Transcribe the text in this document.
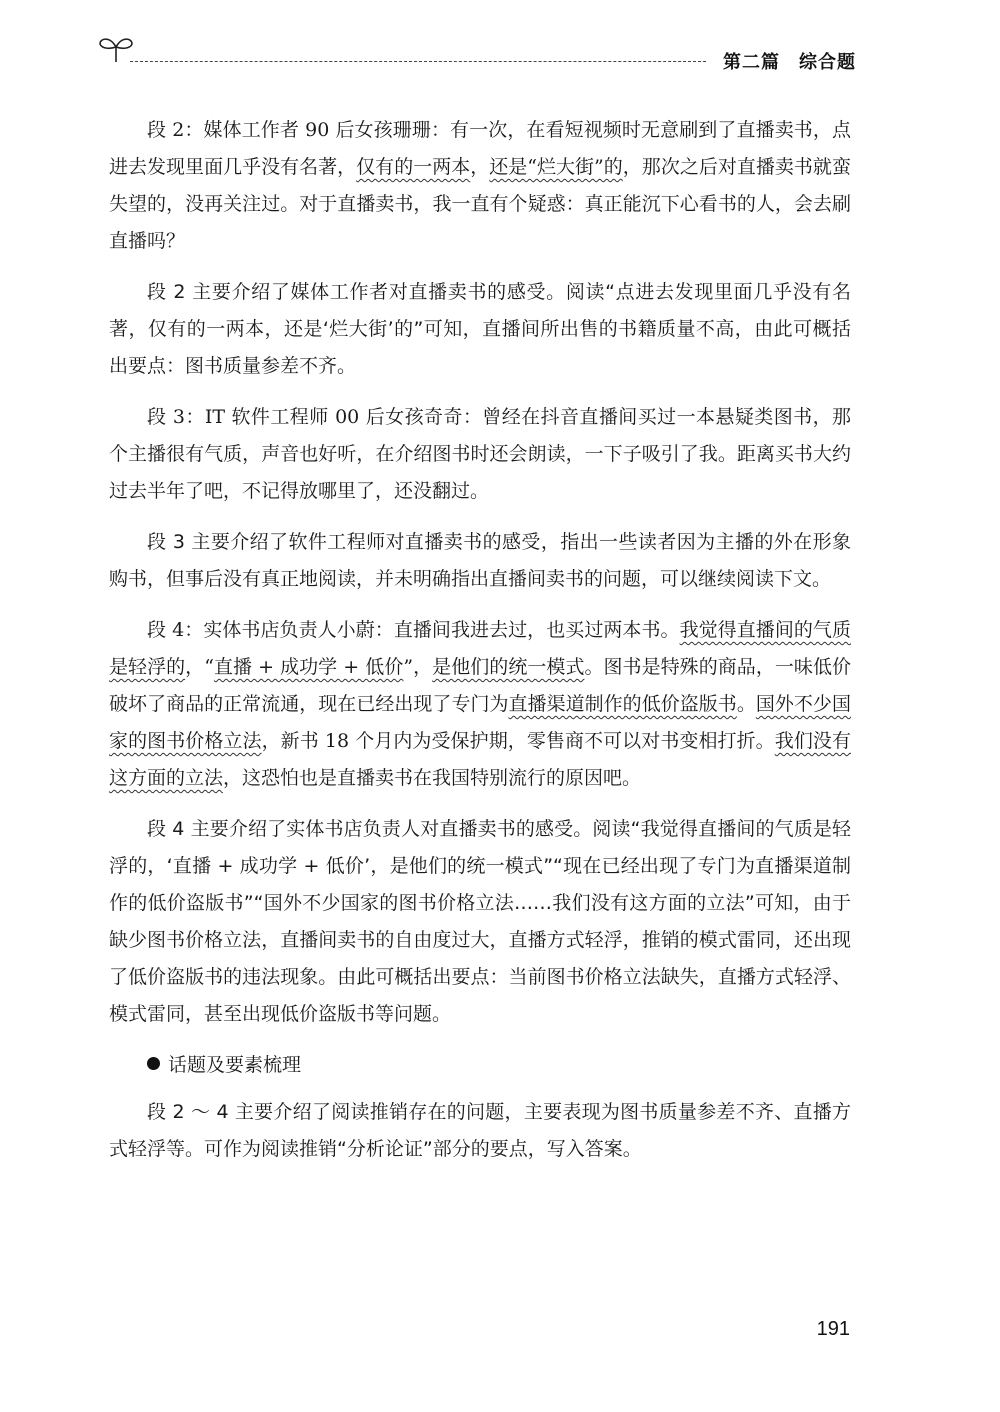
第二篇　综合题

段 2：媒体工作者 90 后女孩珊珊：有一次，在看短视频时无意刷到了直播卖书，点进去发现里面几乎没有名著，仅有的一两本，还是“烂大街”的，那次之后对直播卖书就蛮失望的，没再关注过。对于直播卖书，我一直有个疑惑：真正能沉下心看书的人，会去刷直播吗？

段 2 主要介绍了媒体工作者对直播卖书的感受。阅读“点进去发现里面几乎没有名著，仅有的一两本，还是‘烂大街’的”可知，直播间所出售的书籍质量不高，由此可概括出要点：图书质量参差不齐。

段 3：IT 软件工程师 00 后女孩奇奇：曾经在抖音直播间买过一本悬疑类图书，那个主播很有气质，声音也好听，在介绍图书时还会朗读，一下子吸引了我。距离买书大约过去半年了吧，不记得放哪里了，还没翻过。

段 3 主要介绍了软件工程师对直播卖书的感受，指出一些读者因为主播的外在形象购书，但事后没有真正地阅读，并未明确指出直播间卖书的问题，可以继续阅读下文。

段 4：实体书店负责人小蔚：直播间我进去过，也买过两本书。我觉得直播间的气质是轻浮的，“直播 + 成功学 + 低价”，是他们的统一模式。图书是特殊的商品，一味低价破坏了商品的正常流通，现在已经出现了专门为直播渠道制作的低价盗版书。国外不少国家的图书价格立法，新书 18 个月内为受保护期，零售商不可以对书变相打折。我们没有这方面的立法，这恐怕也是直播卖书在我国特别流行的原因吧。

段 4 主要介绍了实体书店负责人对直播卖书的感受。阅读“我觉得直播间的气质是轻浮的，‘直播 + 成功学 + 低价’，是他们的统一模式”“现在已经出现了专门为直播渠道制作的低价盗版书”“国外不少国家的图书价格立法……我们没有这方面的立法”可知，由于缺少图书价格立法，直播间卖书的自由度过大，直播方式轻浮，推销的模式雷同，还出现了低价盗版书的违法现象。由此可概括出要点：当前图书价格立法缺失，直播方式轻浮、模式雷同，甚至出现低价盗版书等问题。

话题及要素梳理

段 2 ～ 4 主要介绍了阅读推销存在的问题，主要表现为图书质量参差不齐、直播方式轻浮等。可作为阅读推销“分析论证”部分的要点，写入答案。

191
